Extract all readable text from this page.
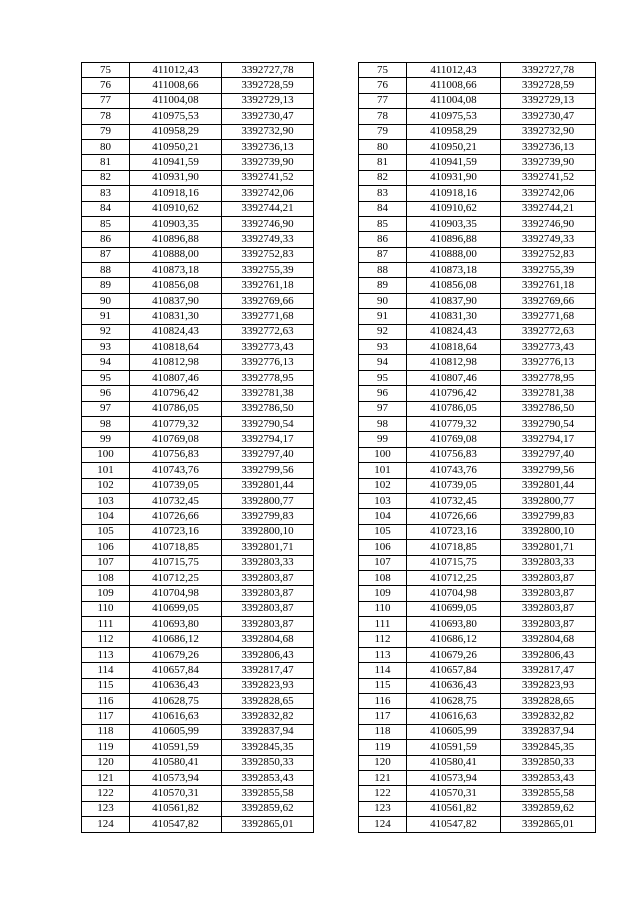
75	411012,43	3392727,78		75	411012,43	3392727,78
76	411008,66	3392728,59		76	411008,66	3392728,59
77	411004,08	3392729,13		77	411004,08	3392729,13
78	410975,53	3392730,47		78	410975,53	3392730,47
79	410958,29	3392732,90		79	410958,29	3392732,90
80	410950,21	3392736,13		80	410950,21	3392736,13
81	410941,59	3392739,90		81	410941,59	3392739,90
82	410931,90	3392741,52		82	410931,90	3392741,52
83	410918,16	3392742,06		83	410918,16	3392742,06
84	410910,62	3392744,21		84	410910,62	3392744,21
85	410903,35	3392746,90		85	410903,35	3392746,90
86	410896,88	3392749,33		86	410896,88	3392749,33
87	410888,00	3392752,83		87	410888,00	3392752,83
88	410873,18	3392755,39		88	410873,18	3392755,39
89	410856,08	3392761,18		89	410856,08	3392761,18
90	410837,90	3392769,66		90	410837,90	3392769,66
91	410831,30	3392771,68		91	410831,30	3392771,68
92	410824,43	3392772,63		92	410824,43	3392772,63
93	410818,64	3392773,43		93	410818,64	3392773,43
94	410812,98	3392776,13		94	410812,98	3392776,13
95	410807,46	3392778,95		95	410807,46	3392778,95
96	410796,42	3392781,38		96	410796,42	3392781,38
97	410786,05	3392786,50		97	410786,05	3392786,50
98	410779,32	3392790,54		98	410779,32	3392790,54
99	410769,08	3392794,17		99	410769,08	3392794,17
100	410756,83	3392797,40		100	410756,83	3392797,40
101	410743,76	3392799,56		101	410743,76	3392799,56
102	410739,05	3392801,44		102	410739,05	3392801,44
103	410732,45	3392800,77		103	410732,45	3392800,77
104	410726,66	3392799,83		104	410726,66	3392799,83
105	410723,16	3392800,10		105	410723,16	3392800,10
106	410718,85	3392801,71		106	410718,85	3392801,71
107	410715,75	3392803,33		107	410715,75	3392803,33
108	410712,25	3392803,87		108	410712,25	3392803,87
109	410704,98	3392803,87		109	410704,98	3392803,87
110	410699,05	3392803,87		110	410699,05	3392803,87
111	410693,80	3392803,87		111	410693,80	3392803,87
112	410686,12	3392804,68		112	410686,12	3392804,68
113	410679,26	3392806,43		113	410679,26	3392806,43
114	410657,84	3392817,47		114	410657,84	3392817,47
115	410636,43	3392823,93		115	410636,43	3392823,93
116	410628,75	3392828,65		116	410628,75	3392828,65
117	410616,63	3392832,82		117	410616,63	3392832,82
118	410605,99	3392837,94		118	410605,99	3392837,94
119	410591,59	3392845,35		119	410591,59	3392845,35
120	410580,41	3392850,33		120	410580,41	3392850,33
121	410573,94	3392853,43		121	410573,94	3392853,43
122	410570,31	3392855,58		122	410570,31	3392855,58
123	410561,82	3392859,62		123	410561,82	3392859,62
124	410547,82	3392865,01		124	410547,82	3392865,01
